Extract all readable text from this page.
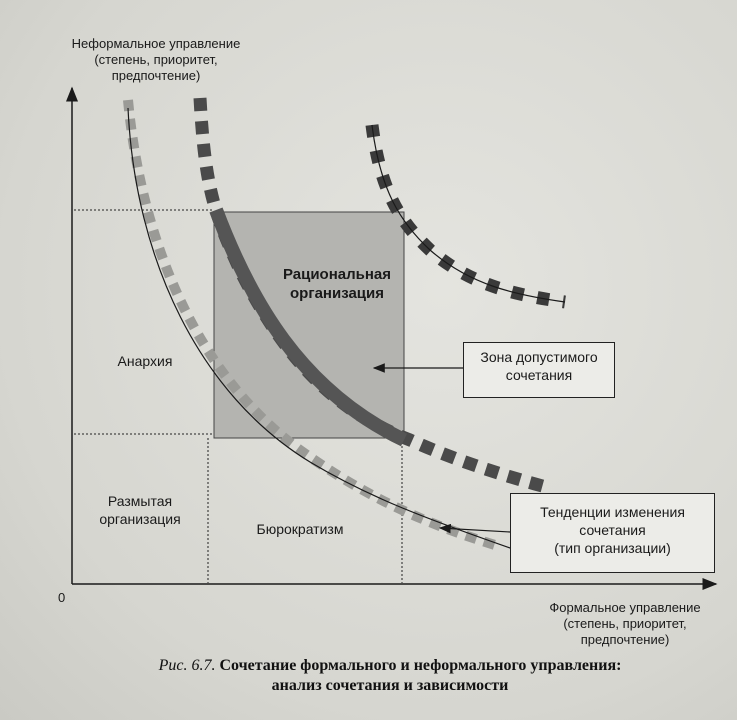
Неформальное управление
(степень, приоритет,
предпочтение)
Формальное управление
(степень, приоритет,
предпочтение)
0
Анархия
Размытая
организация
Бюрократизм
Рациональная
организация
Зона допустимого
сочетания
Тенденции изменения
сочетания
(тип организации)
Рис. 6.7. Сочетание формального и неформального управления:
анализ сочетания и зависимости
